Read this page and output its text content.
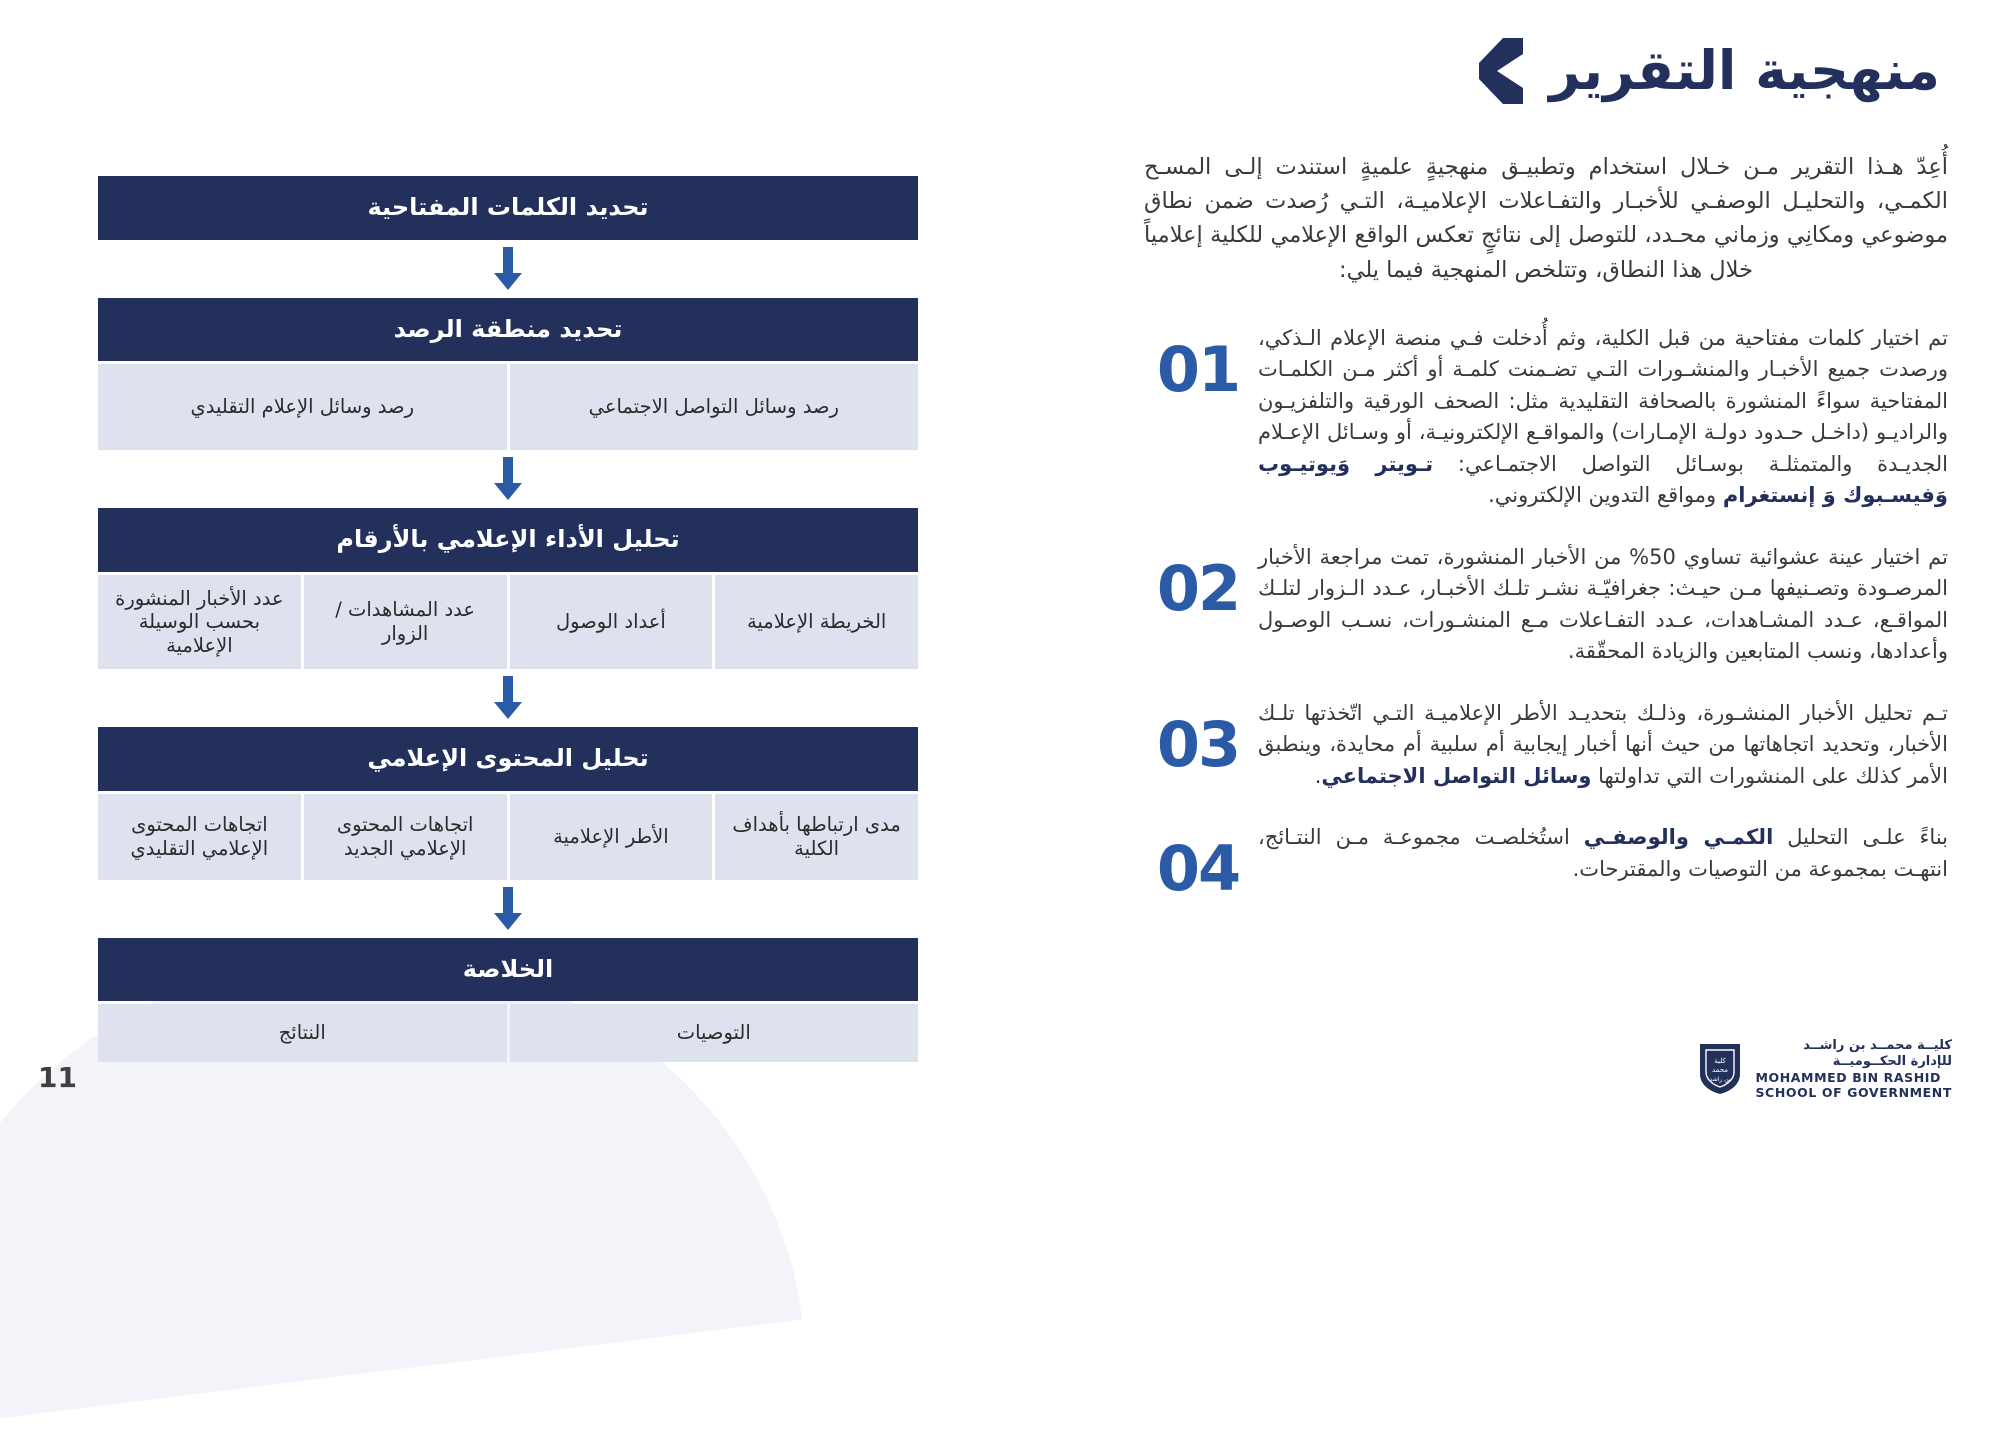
منهجية التقرير

أُعِدّ هـذا التقرير مـن خـلال استخدام وتطبيـق منهجيةٍ علميةٍ استندت إلـى المسـح الكمـي، والتحليـل الوصفـي للأخبـار والتفـاعلات الإعلاميـة، التـي رُصدت ضمن نطاق موضوعي ومكانِي وزماني محـدد، للتوصل إلى نتائجٍ تعكس الواقع الإعلامي للكلية إعلامياً خلال هذا النطاق، وتتلخص المنهجية فيما يلي:

تم اختيار كلمات مفتاحية من قبل الكلية، وثم أُدخلت فـي منصة الإعلام الـذكي، ورصدت جميع الأخبـار والمنشـورات التـي تضـمنت كلمـة أو أكثر مـن الكلمـات المفتاحية سواءً المنشورة بالصحافة التقليدية مثل: الصحف الورقية والتلفزيـون والراديـو (داخـل حـدود دولـة الإمـارات) والمواقـع الإلكترونيـة، أو وسـائل الإعـلام الجديـدة والمتمثلـة بوسـائل التواصل الاجتمـاعي: تـويتر وَيوتيـوب وَفيسـبوك وَ إنستغرام ومواقع التدوين الإلكتروني.
01
تم اختيار عينة عشوائية تساوي 50% من الأخبار المنشورة، تمت مراجعة الأخبار المرصـودة وتصـنيفها مـن حيـث: جغرافيّـة نشـر تلـك الأخبـار، عـدد الـزوار لتلـك المواقـع، عـدد المشـاهدات، عـدد التفـاعلات مـع المنشـورات، نسـب الوصـول وأعدادها، ونسب المتابعين والزيادة المحقّقة.
02
تـم تحليل الأخبار المنشـورة، وذلـك بتحديـد الأطر الإعلاميـة التـي اتّخذتها تلـك الأخبار، وتحديد اتجاهاتها من حيث أنها أخبار إيجابية أم سلبية أم محايدة، وينطبق الأمر كذلك على المنشورات التي تداولتها وسائل التواصل الاجتماعي.
03
بناءً علـى التحليل الكمـي والوصفـي استُخلصـت مجموعـة مـن النتـائج، انتهـت بمجموعة من التوصيات والمقترحات.
04
تحديد الكلمات المفتاحية
تحديد منطقة الرصد
رصد وسائل التواصل الاجتماعي
رصد وسائل الإعلام التقليدي
تحليل الأداء الإعلامي بالأرقام
الخريطة الإعلامية
أعداد الوصول
عدد المشاهدات / الزوار
عدد الأخبار المنشورة بحسب الوسيلة الإعلامية
تحليل المحتوى الإعلامي
مدى ارتباطها بأهداف الكلية
الأطر الإعلامية
اتجاهات المحتوى الإعلامي الجديد
اتجاهات المحتوى الإعلامي التقليدي
الخلاصة
التوصيات
النتائج
11
كليــة محمــد بن راشــد
للإدارة الحكــوميــة
MOHAMMED BIN RASHID
SCHOOL OF GOVERNMENT
كلية
محمد
بن راشد
